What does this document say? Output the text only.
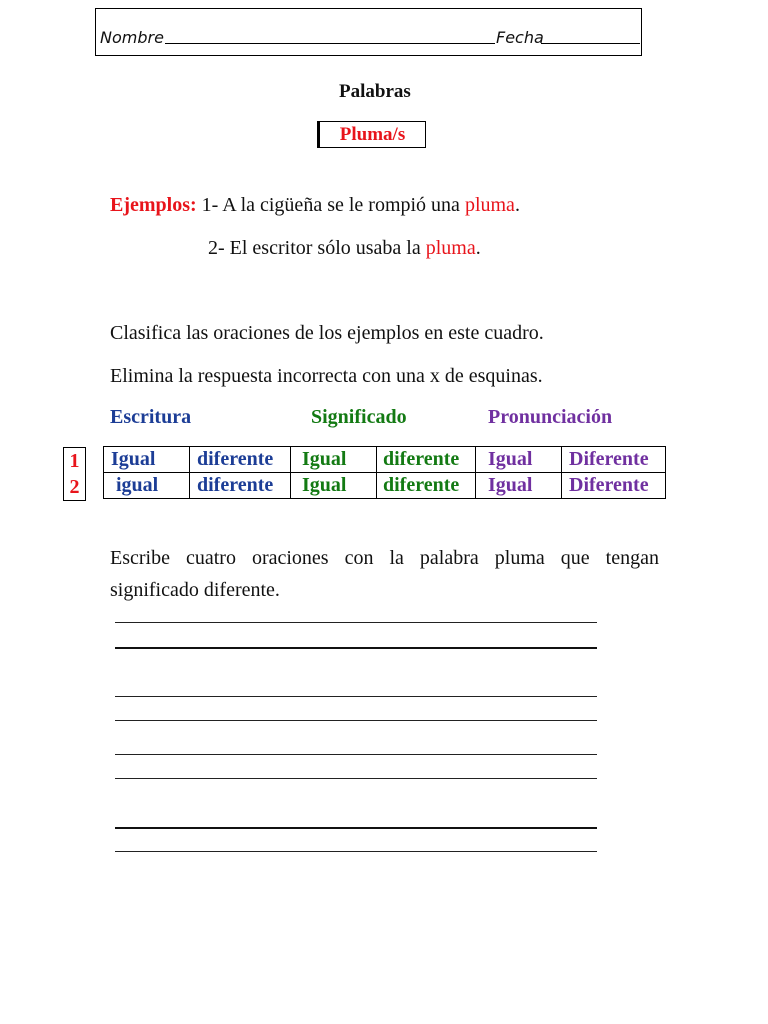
Nombre	Fecha
Palabras
Pluma/s
Ejemplos: 1- A la cigüeña se le rompió una pluma.
2- El escritor sólo usaba la pluma.
Clasifica las oraciones de los ejemplos en este cuadro.
Elimina la respuesta incorrecta con una x de esquinas.
Escritura	Significado	Pronunciación
1
2
Igual	diferente	Igual	diferente	Igual	Diferente
igual	diferente	Igual	diferente	Igual	Diferente
Escribe cuatro oraciones con la palabra pluma que tengan
significado diferente.
